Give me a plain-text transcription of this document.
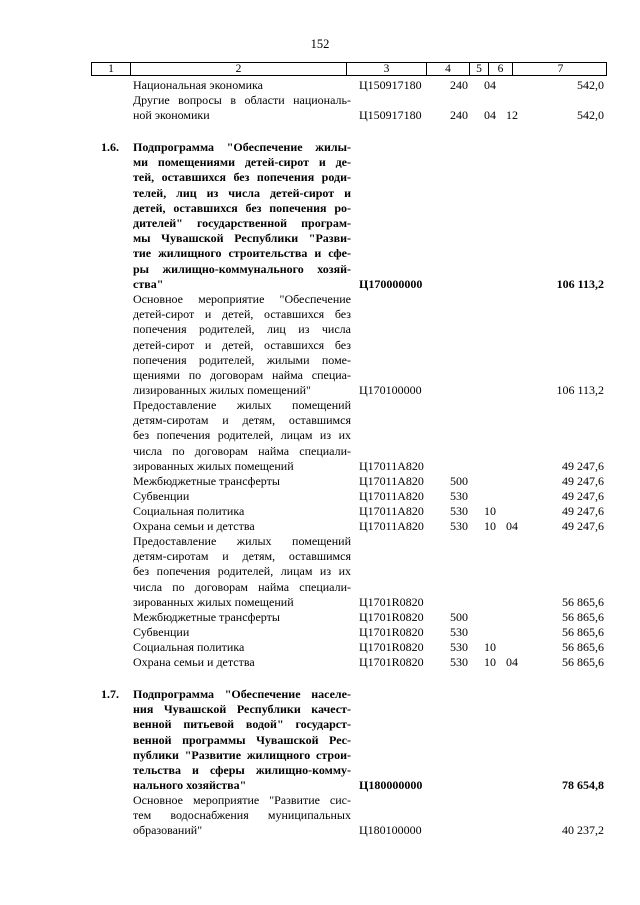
152
1	2	3	4	5	6	7
Национальная экономика	Ц150917180 240 04	542,0
Другие вопросы в области националь-
ной экономики	Ц150917180 240 04 12	542,0
1.6. Подпрограмма "Обеспечение жилы-
ми помещениями детей-сирот и де-
тей, оставшихся без попечения роди-
телей, лиц из числа детей-сирот и
детей, оставшихся без попечения ро-
дителей" государственной програм-
мы Чувашской Республики "Разви-
тие жилищного строительства и сфе-
ры жилищно-коммунального хозяй-
ства"	Ц170000000	106 113,2
Основное мероприятие "Обеспечение
детей-сирот и детей, оставшихся без
попечения родителей, лиц из числа
детей-сирот и детей, оставшихся без
попечения родителей, жилыми поме-
щениями по договорам найма специа-
лизированных жилых помещений"	Ц170100000	106 113,2
Предоставление жилых помещений
детям-сиротам и детям, оставшимся
без попечения родителей, лицам из их
числа по договорам найма специали-
зированных жилых помещений	Ц17011А820	49 247,6
Межбюджетные трансферты	Ц17011А820 500	49 247,6
Субвенции	Ц17011А820 530	49 247,6
Социальная политика	Ц17011А820 530 10	49 247,6
Охрана семьи и детства	Ц17011А820 530 10 04	49 247,6
Предоставление жилых помещений
детям-сиротам и детям, оставшимся
без попечения родителей, лицам из их
числа по договорам найма специали-
зированных жилых помещений	Ц1701R0820	56 865,6
Межбюджетные трансферты	Ц1701R0820 500	56 865,6
Субвенции	Ц1701R0820 530	56 865,6
Социальная политика	Ц1701R0820 530 10	56 865,6
Охрана семьи и детства	Ц1701R0820 530 10 04	56 865,6
1.7. Подпрограмма "Обеспечение населе-
ния Чувашской Республики качест-
венной питьевой водой" государст-
венной программы Чувашской Рес-
публики "Развитие жилищного строи-
тельства и сферы жилищно-комму-
нального хозяйства"	Ц180000000	78 654,8
Основное мероприятие "Развитие сис-
тем водоснабжения муниципальных
образований"	Ц180100000	40 237,2
